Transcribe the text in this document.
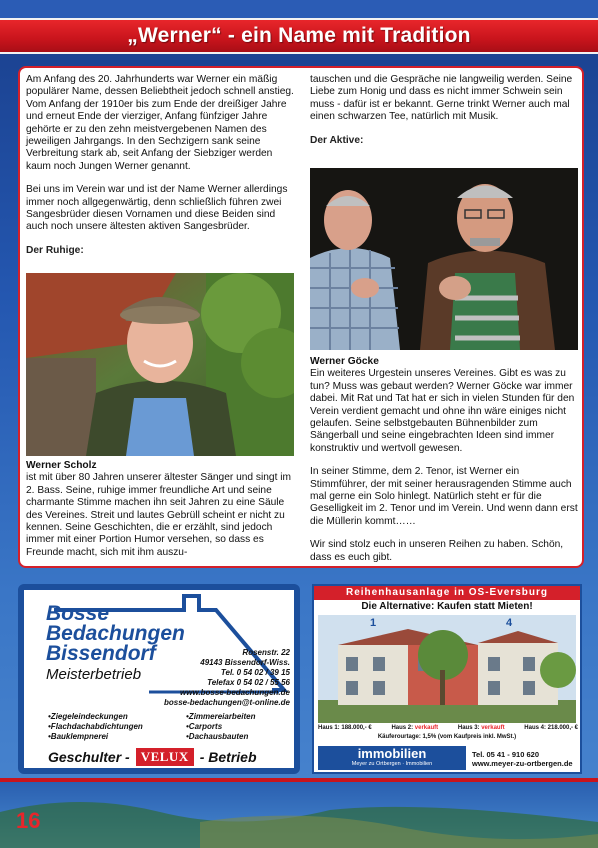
„Werner“ - ein Name mit Tradition

Am Anfang des 20. Jahrhunderts war Werner ein mäßig populärer Name, dessen Beliebtheit jedoch schnell anstieg. Vom Anfang der 1910er bis zum Ende der dreißiger Jahre und erneut Ende der vierziger, Anfang fünfziger Jahre gehörte er zu den zehn meistvergebenen Namen des jeweiligen Jahrgangs. In den Sechzigern sank seine Verbreitung stark ab, seit Anfang der Siebziger werden kaum noch Jungen Werner genannt.

Bei uns im Verein war und ist der Name Werner allerdings immer noch allgegenwärtig, denn schließlich führen zwei Sangesbrüder diesen Vornamen und diese Beiden sind auch noch unsere ältesten aktiven Sangesbrüder.

Der Ruhige:
Werner Scholz
ist mit über 80 Jahren unserer ältester Sänger und singt im 2. Bass. Seine, ruhige immer freundliche Art und seine charmante Stimme machen ihn seit Jahren zu eine Säule des Vereines. Streit und lautes Gebrüll scheint er nicht zu kennen. Seine Geschichten, die er erzählt, sind jedoch immer mit einer Portion Humor versehen, so dass es Freunde macht, sich mit ihm auszu-

tauschen und die Gespräche nie langweilig werden. Seine Liebe zum Honig und dass es nicht immer Schwein sein muss - dafür ist er bekannt. Gerne trinkt Werner auch mal einen schwarzen Tee, natürlich mit Musik.

Der Aktive:
Werner Göcke

Ein weiteres Urgestein unseres Vereines. Gibt es was zu tun? Muss was gebaut werden? Werner Göcke war immer dabei. Mit Rat und Tat hat er sich in vielen Stunden für den Verein verdient gemacht und ohne ihn wäre einiges nicht gelaufen. Seine selbstgebauten Bühnenbilder zum Sängerball und seine eingebrachten Ideen sind immer konstruktiv und wertvoll gewesen.

In seiner Stimme, dem 2. Tenor, ist Werner ein Stimmführer, der mit seiner herausragenden Stimme auch mal gerne ein Solo hinlegt. Natürlich steht er für die Geselligkeit im 2. Tenor und im Verein. Und wenn dann erst die Müllerin kommt……

Wir sind stolz euch in unseren Reihen zu haben. Schön, dass es euch gibt.

Bosse
Bedachungen
Bissendorf
Meisterbetrieb
Rosenstr. 22
49143 Bissendorf-Wiss.
Tel. 0 54 02 / 39 15
Telefax 0 54 02 / 55 56
www.bosse-bedachungen.de
bosse-bedachungen@t-online.de
•Ziegeleindeckungen
•Flachdachabdichtungen
•Bauklempnerei
•Zimmereiarbeiten
•Carports
•Dachausbauten
Geschulter - VELUX - Betrieb
Reihenhausanlage in OS-Eversburg
Die Alternative: Kaufen statt Mieten!
1	4
Haus 1: 188.000,- €	Haus 2: verkauft	Haus 3: verkauft	Haus 4: 218.000,- €
Käuferourtage: 1,5% (vom Kaufpreis inkl. MwSt.)
immobilien
Meyer zu Ortbergen · Immobilien
Tel. 05 41 - 910 620
www.meyer-zu-ortbergen.de
16
